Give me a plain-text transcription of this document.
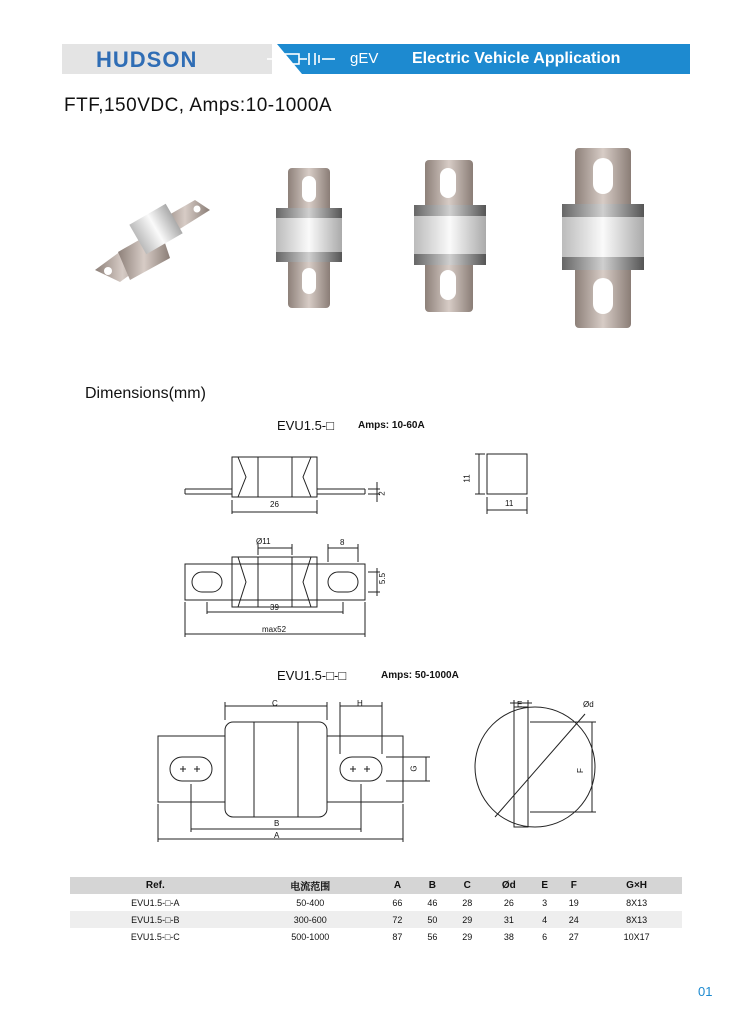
HUDSON	gEV Electric Vehicle Application
FTF,150VDC, Amps:10-1000A
Dimensions(mm)
EVU1.5-□ Amps: 10-60A
26
2
11
11
Ø11	8
5.5
39
max52
EVU1.5-□-□	Amps: 50-1000A
C	H
G
B
A
E	Ød
F
Ref.	电流范围	A	B	C	Ød	E	F	G×H
EVU1.5-□-A	50-400	66	46	28	26	3	19	8X13
EVU1.5-□-B	300-600	72	50	29	31	4	24	8X13
EVU1.5-□-C	500-1000	87	56	29	38	6	27	10X17
01
